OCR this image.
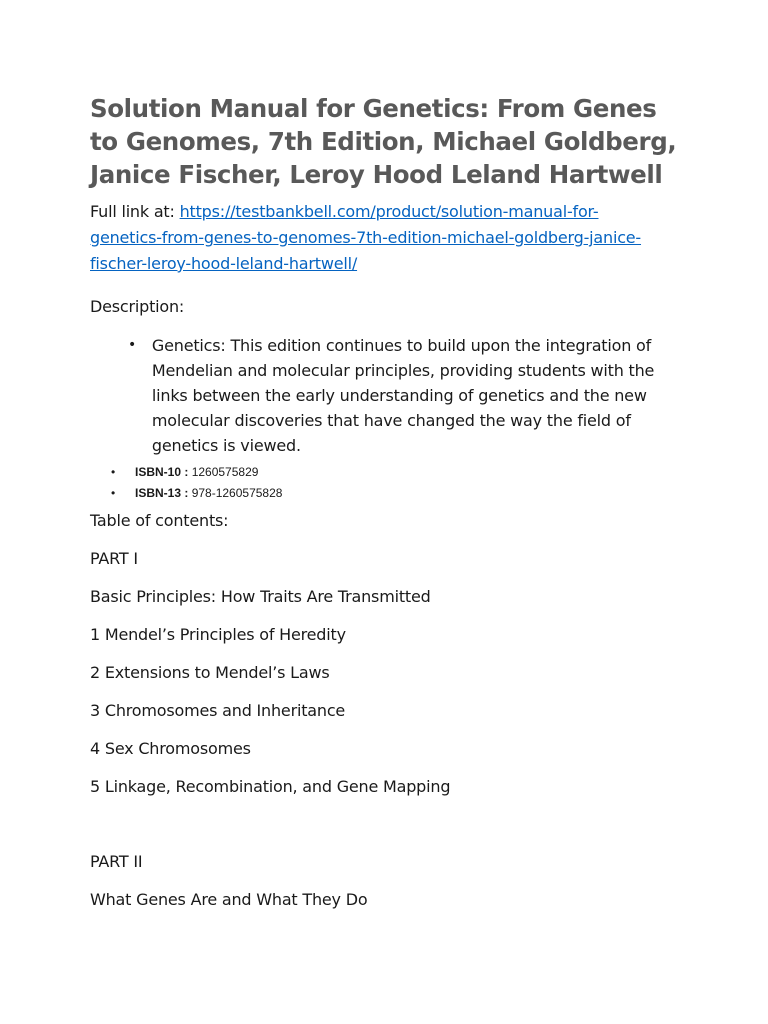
Solution Manual for Genetics: From Genes to Genomes, 7th Edition, Michael Goldberg, Janice Fischer, Leroy Hood Leland Hartwell
Full link at: https://testbankbell.com/product/solution-manual-for-
genetics-from-genes-to-genomes-7th-edition-michael-goldberg-janice-
fischer-leroy-hood-leland-hartwell/
Description:
• Genetics: This edition continues to build upon the integration of Mendelian and molecular principles, providing students with the links between the early understanding of genetics and the new molecular discoveries that have changed the way the field of genetics is viewed.
•	ISBN-10 : 1260575829
•	ISBN-13 : 978-1260575828

Table of contents:

PART I

Basic Principles: How Traits Are Transmitted

1 Mendel’s Principles of Heredity

2 Extensions to Mendel’s Laws

3 Chromosomes and Inheritance

4 Sex Chromosomes

5 Linkage, Recombination, and Gene Mapping

PART II

What Genes Are and What They Do
